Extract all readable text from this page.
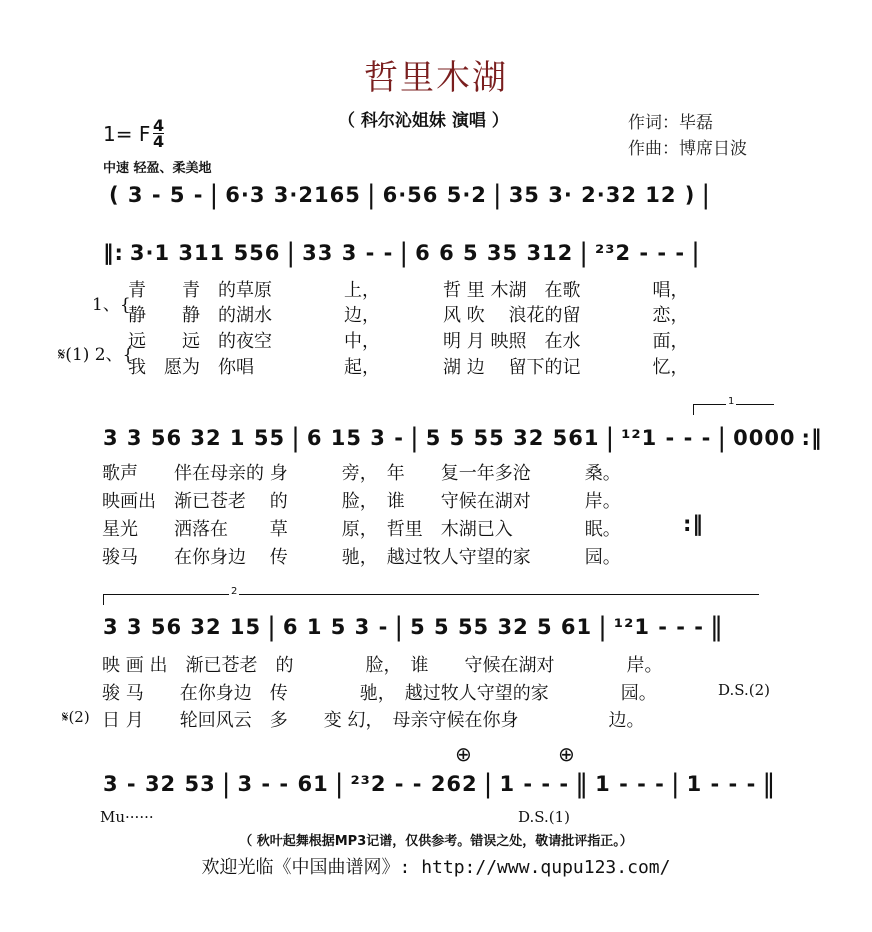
哲里木湖
（ 科尔沁姐妹 演唱 ）	作词：毕磊
作曲：博席日波
1= F $\frac{4}{4}$
中速 轻盈、柔美地
( 3 - 5 - | 6·3 3·2165 | 6·56 5·2 | 35 3· 2·32 12 ) |
‖: 3·1 311 556 | 33 3 - - | 6 6 5 35 312 | ²³2 - - - |
1、{
𝄋(1) 2、{
青　　青　的草原　　　　上，　　　　哲 里 木湖　在歌　　　　唱，
静　　静　的湖水　　　　边，　　　　风 吹　 浪花的留　　　　恋，
远　　远　的夜空　　　　中，　　　　明 月 映照　在水　　　　面，
我　愿为　你唱　　　　　起，　　　　湖 边　 留下的记　　　　忆，
1
3 3 56 32 1 55 | 6 15 3 - | 5 5 55 32 561 | ¹²1 - - - | 0000 :‖
歌声　　伴在母亲的 身　　　旁，　年　　复一年多沧　　　桑。
映画出　渐已苍老　 的　　　脸，　谁　　守候在湖对　　　岸。
星光　　洒落在　　 草　　　原，　哲里　木湖已入　　　　眠。
骏马　　在你身边　 传　　　驰，　越过牧人守望的家　　　园。
:‖
2
3 3 56 32 15 | 6 1 5 3 - | 5 5 55 32 5 61 | ¹²1 - - - ‖
𝄋(2)
映 画 出　渐已苍老　的　　　　脸，　谁　　守候在湖对　　　　岸。
骏 马　　在你身边　传　　　　驰，　越过牧人守望的家　　　　园。
日 月　　轮回风云　多　　变 幻，　母亲守候在你身　　　　　边。
D.S.(2)
⊕	⊕
3 - 32 53 | 3 - - 61 | ²³2 - - 262 | 1 - - - ‖ 1 - - - | 1 - - - ‖
Mu······	D.S.(1)
（ 秋叶起舞根据MP3记谱，仅供参考。错误之处，敬请批评指正。）
欢迎光临《中国曲谱网》: http://www.qupu123.com/
